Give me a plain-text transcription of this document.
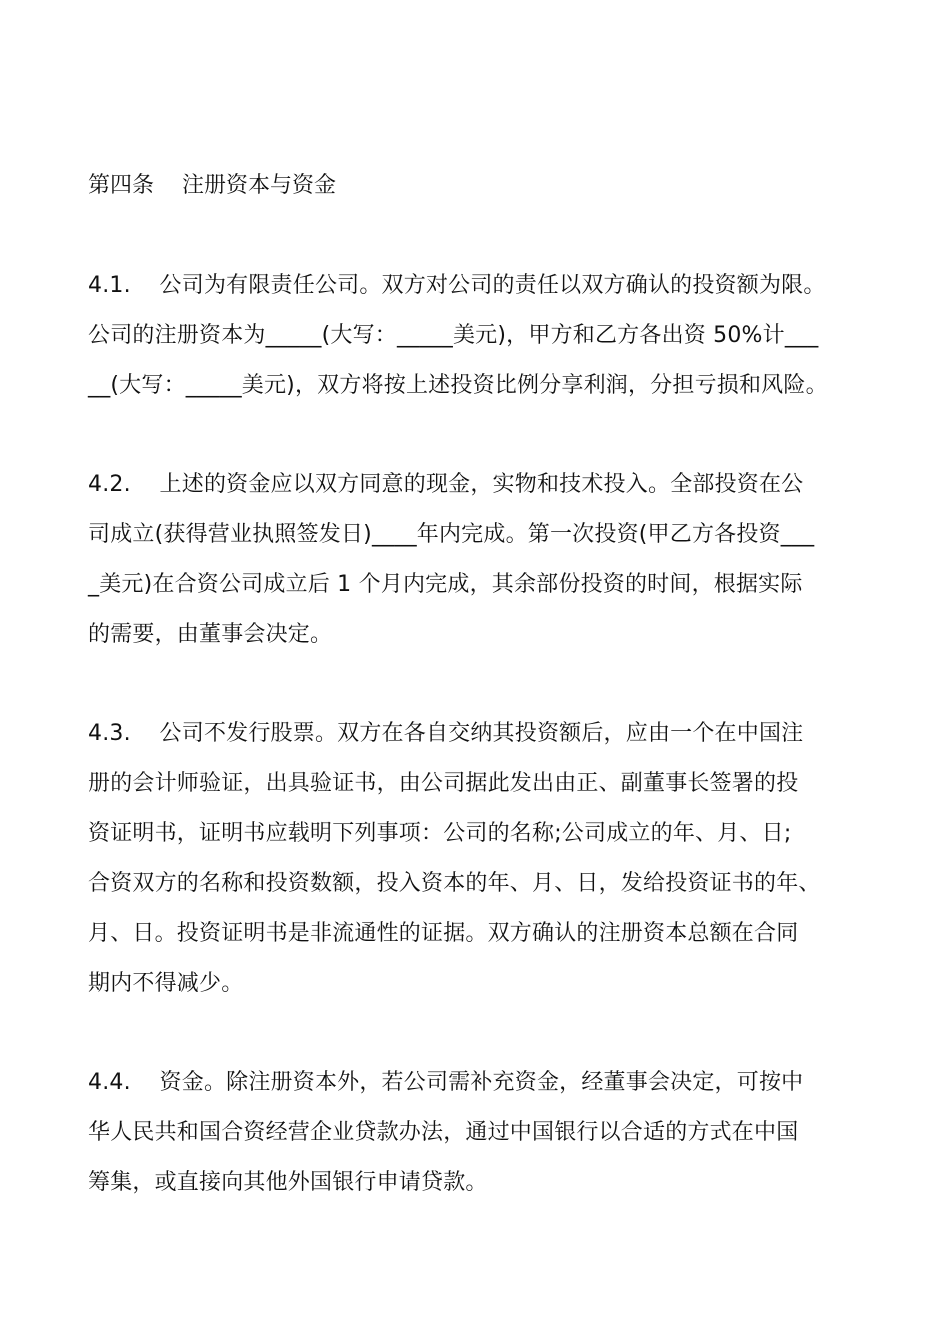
第四条    注册资本与资金
4.1.    公司为有限责任公司。双方对公司的责任以双方确认的投资额为限。
公司的注册资本为_____(大写：_____美元)，甲方和乙方各出资 50%计___
__(大写：_____美元)，双方将按上述投资比例分享利润，分担亏损和风险。
4.2.    上述的资金应以双方同意的现金，实物和技术投入。全部投资在公
司成立(获得营业执照签发日)____年内完成。第一次投资(甲乙方各投资___
_美元)在合资公司成立后 1 个月内完成，其余部份投资的时间，根据实际
的需要，由董事会决定。
4.3.    公司不发行股票。双方在各自交纳其投资额后，应由一个在中国注
册的会计师验证，出具验证书，由公司据此发出由正、副董事长签署的投
资证明书，证明书应载明下列事项：公司的名称;公司成立的年、月、日;
合资双方的名称和投资数额，投入资本的年、月、日，发给投资证书的年、
月、日。投资证明书是非流通性的证据。双方确认的注册资本总额在合同
期内不得减少。
4.4.    资金。除注册资本外，若公司需补充资金，经董事会决定，可按中
华人民共和国合资经营企业贷款办法，通过中国银行以合适的方式在中国
筹集，或直接向其他外国银行申请贷款。
